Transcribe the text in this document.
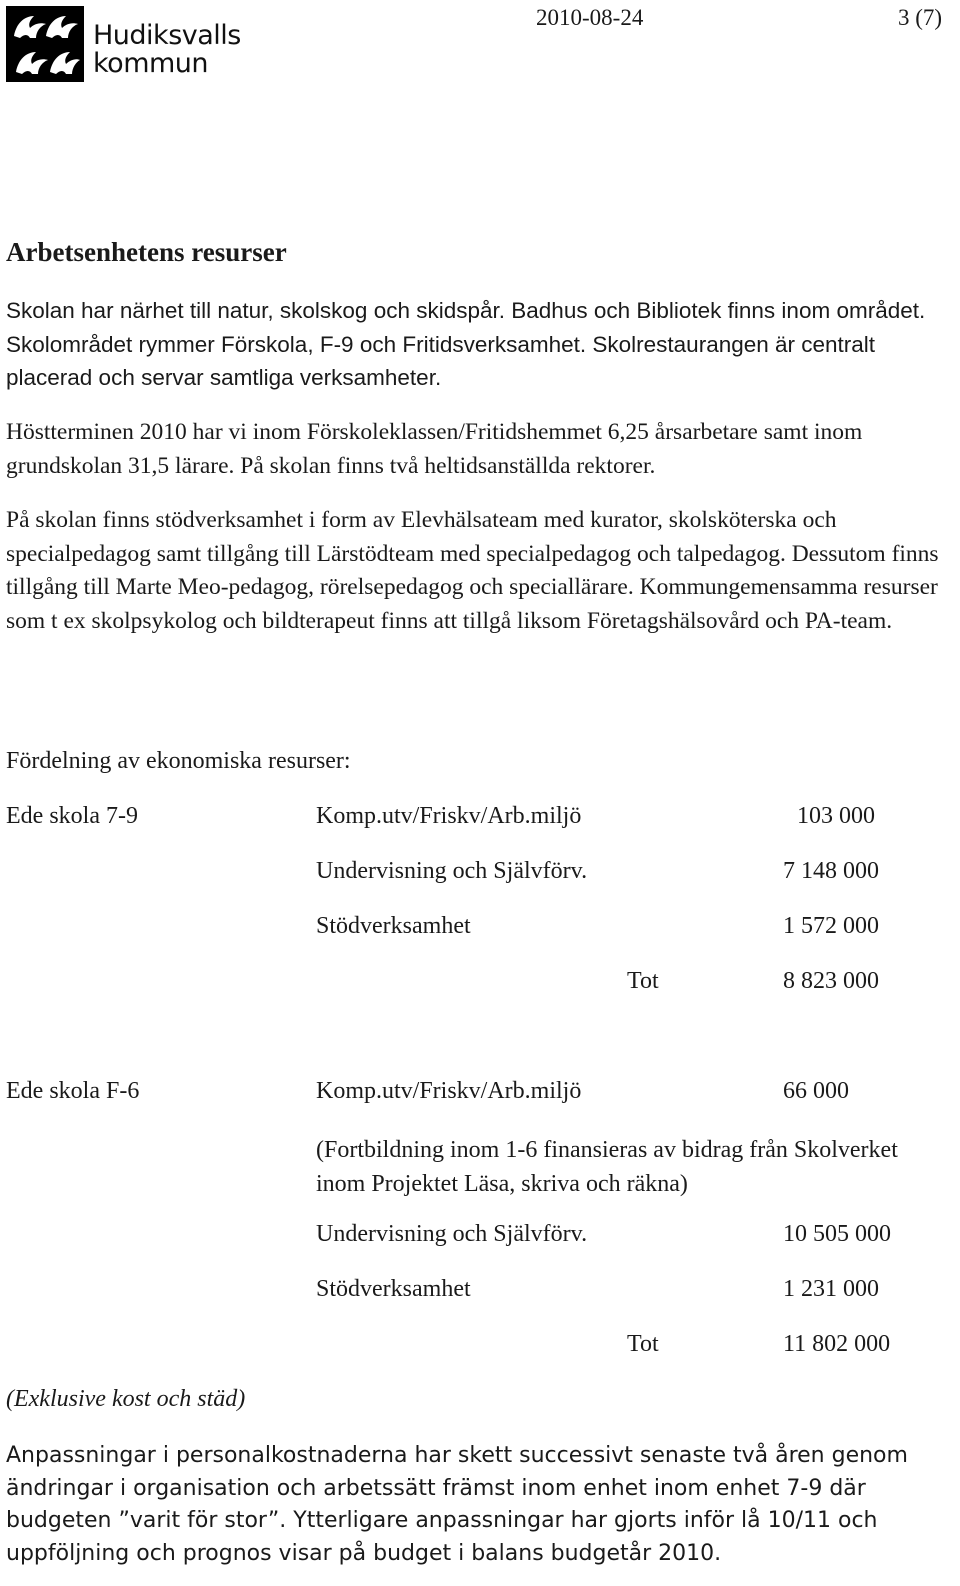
Hudiksvalls
kommun
2010-08-24	3 (7)
Arbetsenhetens resurser

Skolan har närhet till natur, skolskog och skidspår. Badhus och Bibliotek finns inom området. Skolområdet rymmer Förskola, F-9 och Fritidsverksamhet. Skolrestaurangen är centralt placerad och servar samtliga verksamheter.

Höstterminen 2010 har vi inom Förskoleklassen/Fritidshemmet 6,25 årsarbetare samt inom grundskolan 31,5 lärare. På skolan finns två heltidsanställda rektorer.

På skolan finns stödverksamhet i form av Elevhälsateam med kurator, skolsköterska och specialpedagog samt tillgång till Lärstödteam med specialpedagog och talpedagog. Dessutom finns tillgång till Marte Meo-pedagog, rörelsepedagog och speciallärare. Kommungemensamma resurser som t ex skolpsykolog och bildterapeut finns att tillgå liksom Företagshälsovård och PA-team.

Fördelning av ekonomiska resurser:
Ede skola 7-9	Komp.utv/Friskv/Arb.miljö	103 000
Undervisning och Självförv.	7 148 000
Stödverksamhet	1 572 000
Tot	8 823 000
Ede skola F-6	Komp.utv/Friskv/Arb.miljö	66 000
(Fortbildning inom 1-6 finansieras av bidrag från Skolverket inom Projektet Läsa, skriva och räkna)
Undervisning och Självförv.	10 505 000
Stödverksamhet	1 231 000
Tot	11 802 000
(Exklusive kost och städ)

Anpassningar i personalkostnaderna har skett successivt senaste två åren genom ändringar i organisation och arbetssätt främst inom enhet inom enhet 7-9 där budgeten ”varit för stor”. Ytterligare anpassningar har gjorts inför lå 10/11 och uppföljning och prognos visar på budget i balans budgetår 2010.
